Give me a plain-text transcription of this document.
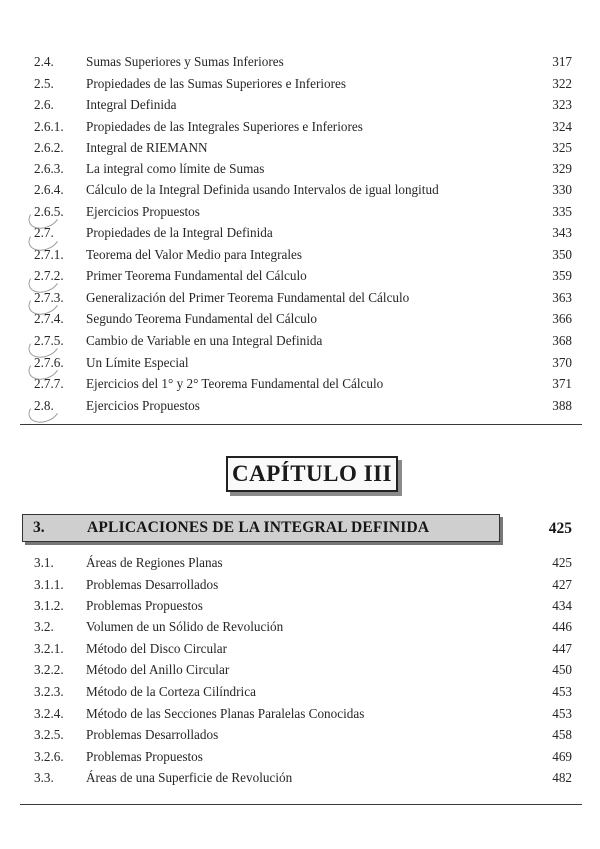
2.4. Sumas Superiores y Sumas Inferiores	317
2.5. Propiedades de las Sumas Superiores e Inferiores	322
2.6. Integral Definida	323
2.6.1. Propiedades de las Integrales Superiores e Inferiores	324
2.6.2. Integral de RIEMANN	325
2.6.3. La integral como límite de Sumas	329
2.6.4. Cálculo de la Integral Definida usando Intervalos de igual longitud	330
2.6.5. Ejercicios Propuestos	335
2.7. Propiedades de la Integral Definida	343
2.7.1. Teorema del Valor Medio para Integrales	350
2.7.2. Primer Teorema Fundamental del Cálculo	359
2.7.3. Generalización del Primer Teorema Fundamental del Cálculo	363
2.7.4. Segundo Teorema Fundamental del Cálculo	366
2.7.5. Cambio de Variable en una Integral Definida	368
2.7.6. Un Límite Especial	370
2.7.7. Ejercicios del 1° y 2° Teorema Fundamental del Cálculo	371
2.8. Ejercicios Propuestos	388
CAPÍTULO III
3.	APLICACIONES DE LA INTEGRAL DEFINIDA	425
3.1. Áreas de Regiones Planas	425
3.1.1. Problemas Desarrollados	427
3.1.2. Problemas Propuestos	434
3.2. Volumen de un Sólido de Revolución	446
3.2.1. Método del Disco Circular	447
3.2.2. Método del Anillo Circular	450
3.2.3. Método de la Corteza Cilíndrica	453
3.2.4. Método de las Secciones Planas Paralelas Conocidas	453
3.2.5. Problemas Desarrollados	458
3.2.6. Problemas Propuestos	469
3.3. Áreas de una Superficie de Revolución	482
